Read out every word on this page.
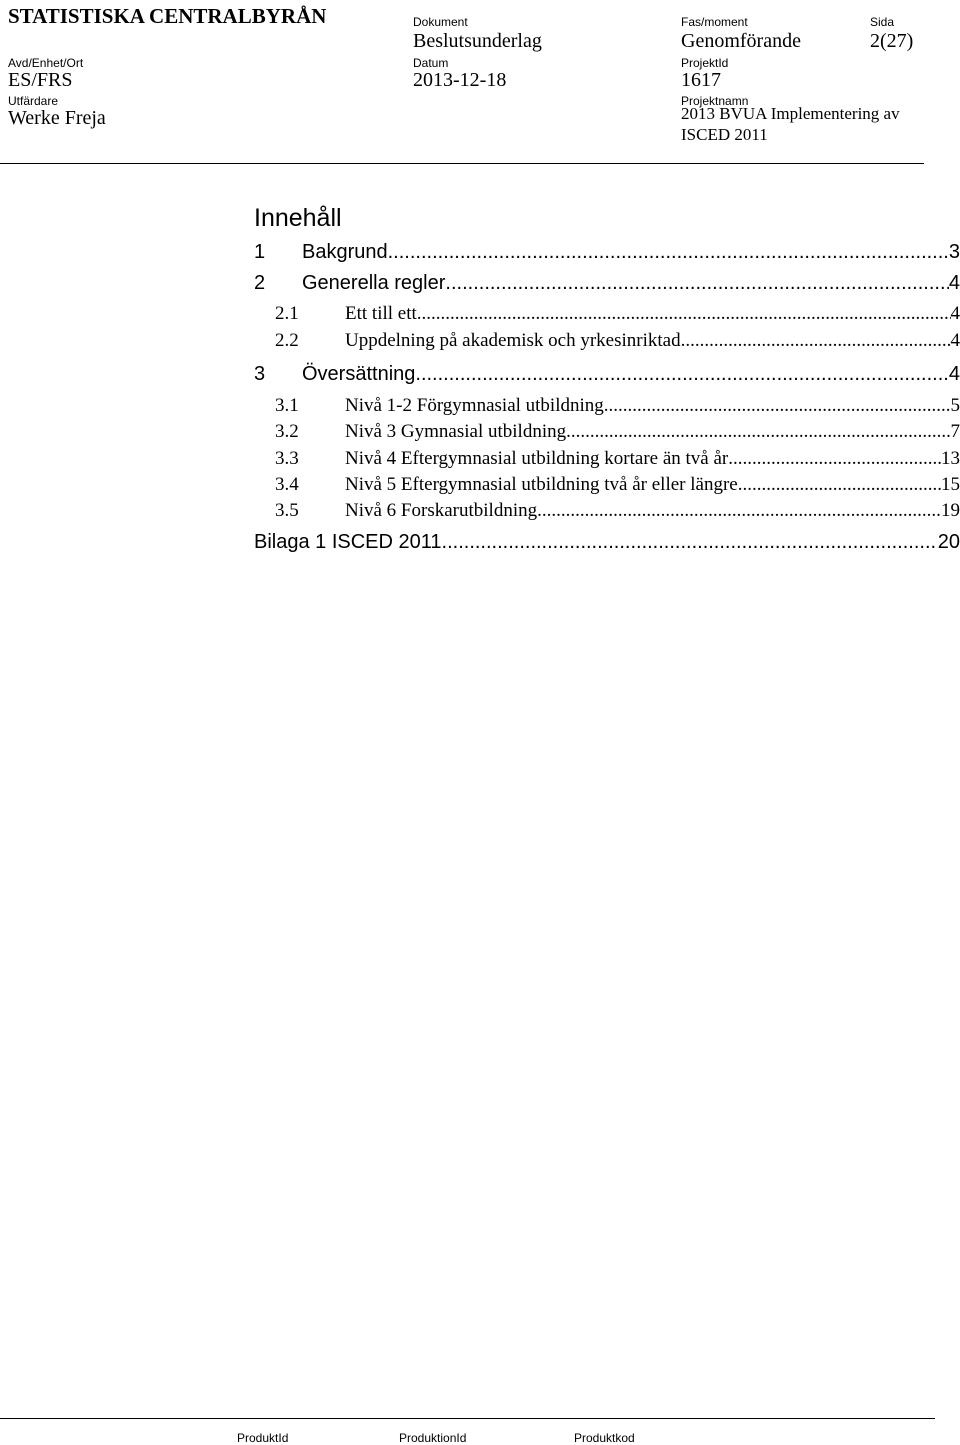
STATISTISKA CENTRALBYRÅN	Dokument
Beslutsunderlag
Fas/moment
Genomförande
Sida
2(27)
Avd/Enhet/Ort
ES/FRS
Datum
2013-12-18
ProjektId
1617
Utfärdare
Werke Freja
Projektnamn
2013 BVUA Implementering av
ISCED 2011
Innehåll
1	Bakgrund .....	3
2	Generella regler .....	4
2.1	Ett till ett .....	4
2.2	Uppdelning på akademisk och yrkesinriktad .....	4
3	Översättning .....	4
3.1	Nivå 1-2 Förgymnasial utbildning .....	5
3.2	Nivå 3 Gymnasial utbildning .....	7
3.3	Nivå 4 Eftergymnasial utbildning kortare än två år .....	13
3.4	Nivå 5 Eftergymnasial utbildning två år eller längre .....	15
3.5	Nivå 6 Forskarutbildning .....	19
Bilaga 1 ISCED 2011 .....	20
ProduktId	ProduktionId	Produktkod
